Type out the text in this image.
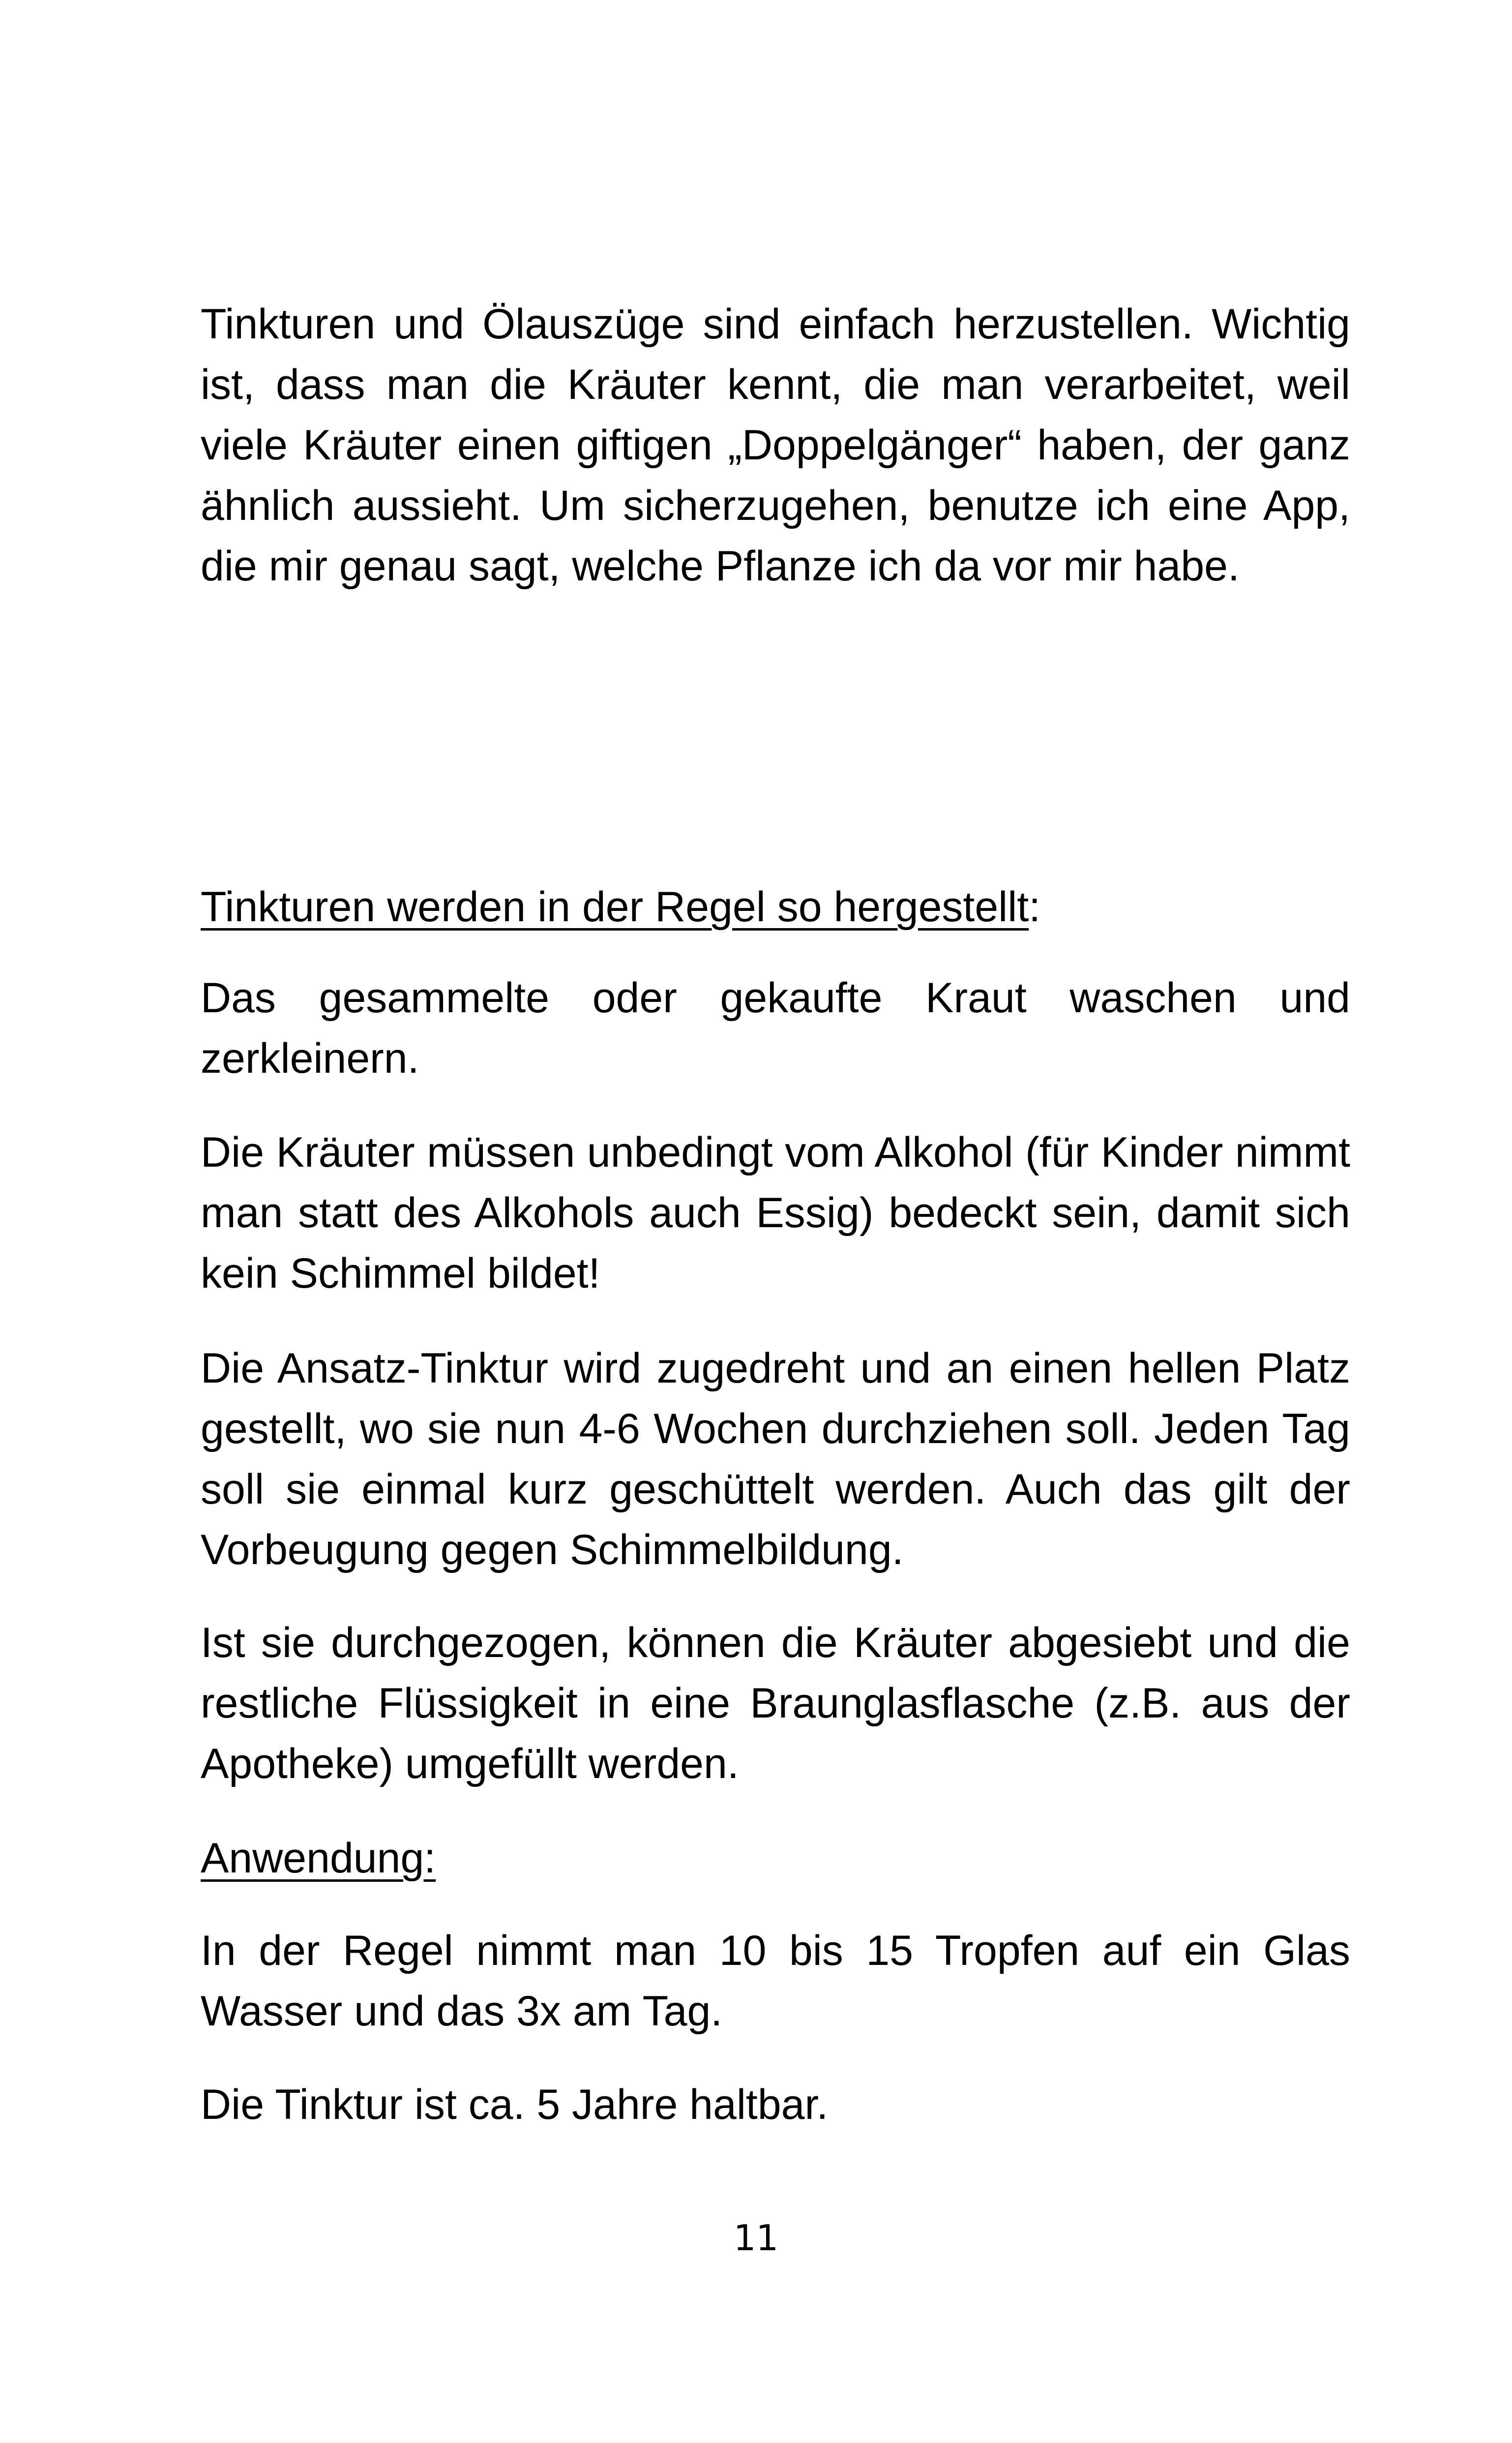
Tinkturen und Ölauszüge sind einfach herzustellen. Wichtig ist, dass man die Kräuter kennt, die man verarbeitet, weil viele Kräuter einen giftigen „Doppelgänger“ haben, der ganz ähnlich aussieht. Um sicherzugehen, benutze ich eine App, die mir genau sagt, welche Pflanze ich da vor mir habe.

Tinkturen werden in der Regel so hergestellt:

Das gesammelte oder gekaufte Kraut waschen und zerkleinern.

Die Kräuter müssen unbedingt vom Alkohol (für Kinder nimmt man statt des Alkohols auch Essig) bedeckt sein, damit sich kein Schimmel bildet!

Die Ansatz-Tinktur wird zugedreht und an einen hellen Platz gestellt, wo sie nun 4-6 Wochen durchziehen soll. Jeden Tag soll sie einmal kurz geschüttelt werden. Auch das gilt der Vorbeugung gegen Schimmelbildung.

Ist sie durchgezogen, können die Kräuter abgesiebt und die restliche Flüssigkeit in eine Braunglasflasche (z.B. aus der Apotheke) umgefüllt werden.

Anwendung:

In der Regel nimmt man 10 bis 15 Tropfen auf ein Glas Wasser und das 3x am Tag.

Die Tinktur ist ca. 5 Jahre haltbar.

11
